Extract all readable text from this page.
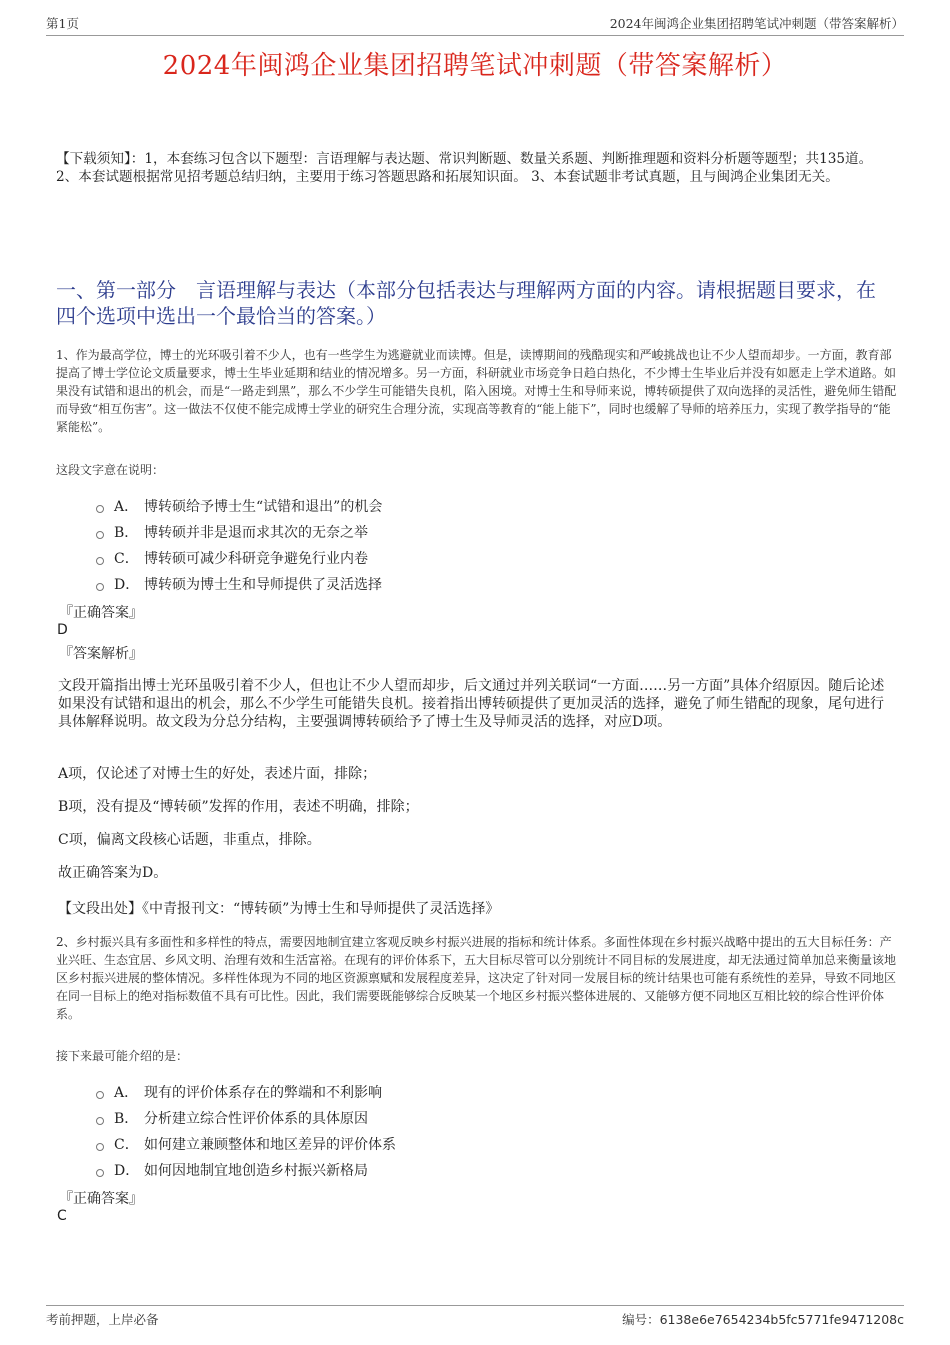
第1页	2024年闽鸿企业集团招聘笔试冲刺题（带答案解析）
2024年闽鸿企业集团招聘笔试冲刺题（带答案解析）
【下载须知】：1，本套练习包含以下题型：言语理解与表达题、常识判断题、数量关系题、判断推理题和资料分析题等题型；共135道。 2、本套试题根据常见招考题总结归纳，主要用于练习答题思路和拓展知识面。 3、本套试题非考试真题，且与闽鸿企业集团无关。
一、第一部分　言语理解与表达（本部分包括表达与理解两方面的内容。请根据题目要求，在四个选项中选出一个最恰当的答案。）
1、作为最高学位，博士的光环吸引着不少人，也有一些学生为逃避就业而读博。但是，读博期间的残酷现实和严峻挑战也让不少人望而却步。一方面，教育部提高了博士学位论文质量要求，博士生毕业延期和结业的情况增多。另一方面，科研就业市场竞争日趋白热化，不少博士生毕业后并没有如愿走上学术道路。如果没有试错和退出的机会，而是“一路走到黑”，那么不少学生可能错失良机，陷入困境。对博士生和导师来说，博转硕提供了双向选择的灵活性，避免师生错配而导致“相互伤害”。这一做法不仅使不能完成博士学业的研究生合理分流，实现高等教育的“能上能下”，同时也缓解了导师的培养压力，实现了教学指导的“能紧能松”。
这段文字意在说明：
A． 博转硕给予博士生“试错和退出”的机会
B． 博转硕并非是退而求其次的无奈之举
C． 博转硕可减少科研竞争避免行业内卷
D． 博转硕为博士生和导师提供了灵活选择
『正确答案』
D
『答案解析』
文段开篇指出博士光环虽吸引着不少人，但也让不少人望而却步，后文通过并列关联词“一方面……另一方面”具体介绍原因。随后论述如果没有试错和退出的机会，那么不少学生可能错失良机。接着指出博转硕提供了更加灵活的选择，避免了师生错配的现象，尾句进行具体解释说明。故文段为分总分结构，主要强调博转硕给予了博士生及导师灵活的选择，对应D项。
A项，仅论述了对博士生的好处，表述片面，排除；
B项，没有提及“博转硕”发挥的作用，表述不明确，排除；
C项，偏离文段核心话题，非重点，排除。
故正确答案为D。
【文段出处】《中青报刊文：“博转硕”为博士生和导师提供了灵活选择》
2、乡村振兴具有多面性和多样性的特点，需要因地制宜建立客观反映乡村振兴进展的指标和统计体系。多面性体现在乡村振兴战略中提出的五大目标任务：产业兴旺、生态宜居、乡风文明、治理有效和生活富裕。在现有的评价体系下，五大目标尽管可以分别统计不同目标的发展进度，却无法通过简单加总来衡量该地区乡村振兴进展的整体情况。多样性体现为不同的地区资源禀赋和发展程度差异，这决定了针对同一发展目标的统计结果也可能有系统性的差异，导致不同地区在同一目标上的绝对指标数值不具有可比性。因此，我们需要既能够综合反映某一个地区乡村振兴整体进展的、又能够方便不同地区互相比较的综合性评价体系。
接下来最可能介绍的是：
A． 现有的评价体系存在的弊端和不利影响
B． 分析建立综合性评价体系的具体原因
C． 如何建立兼顾整体和地区差异的评价体系
D． 如何因地制宜地创造乡村振兴新格局
『正确答案』
C
考前押题，上岸必备	编号：6138e6e7654234b5fc5771fe9471208c
